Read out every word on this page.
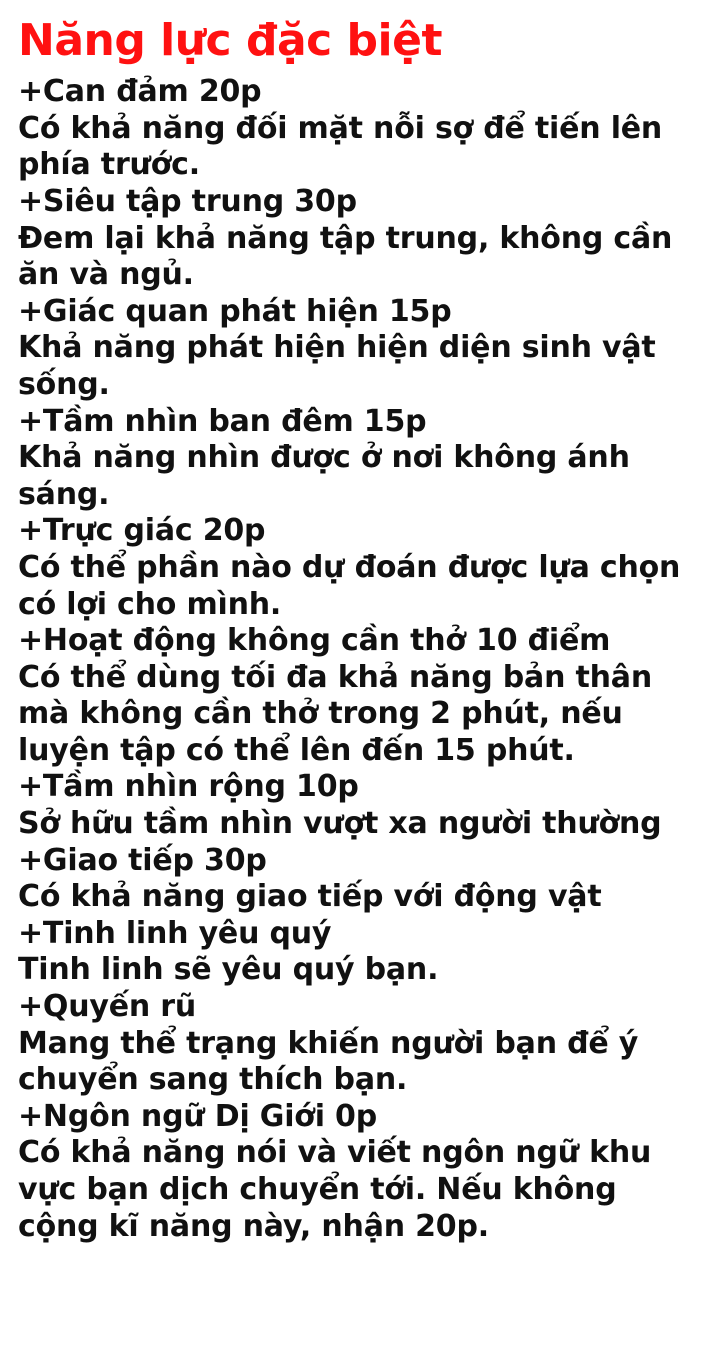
Năng lực đặc biệt
+Can đảm 20p
Có khả năng đối mặt nỗi sợ để tiến lên phía trước.
+Siêu tập trung 30p
Đem lại khả năng tập trung, không cần ăn và ngủ.
+Giác quan phát hiện 15p
Khả năng phát hiện hiện diện sinh vật sống.
+Tầm nhìn ban đêm 15p
Khả năng nhìn được ở nơi không ánh sáng.
+Trực giác 20p
Có thể phần nào dự đoán được lựa chọn có lợi cho mình.
+Hoạt động không cần thở 10 điểm
Có thể dùng tối đa khả năng bản thân mà không cần thở trong 2 phút, nếu luyện tập có thể lên đến 15 phút.
+Tầm nhìn rộng 10p
Sở hữu tầm nhìn vượt xa người thường
+Giao tiếp 30p
Có khả năng giao tiếp với động vật
+Tinh linh yêu quý
Tinh linh sẽ yêu quý bạn.
+Quyến rũ
Mang thể trạng khiến người bạn để ý chuyển sang thích bạn.
+Ngôn ngữ Dị Giới 0p
Có khả năng nói và viết ngôn ngữ khu vực bạn dịch chuyển tới. Nếu không cộng kĩ năng này, nhận 20p.
